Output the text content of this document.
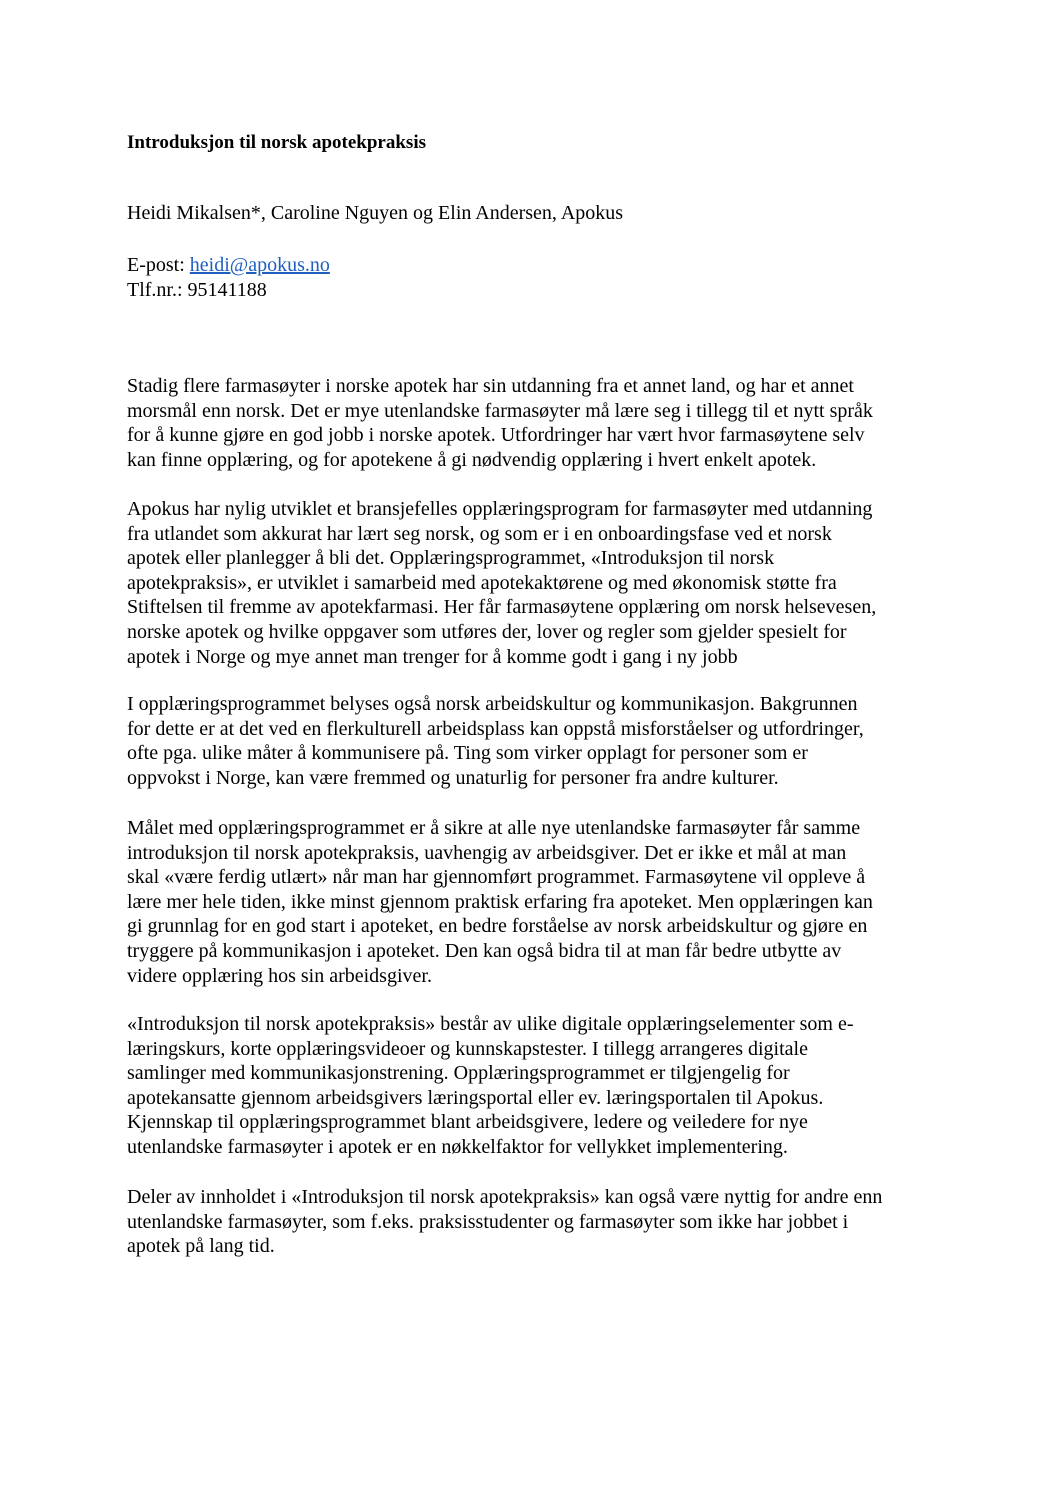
Introduksjon til norsk apotekpraksis
Heidi Mikalsen*, Caroline Nguyen og Elin Andersen, Apokus
E-post: heidi@apokus.no
Tlf.nr.: 95141188
Stadig flere farmasøyter i norske apotek har sin utdanning fra et annet land, og har et annet
morsmål enn norsk. Det er mye utenlandske farmasøyter må lære seg i tillegg til et nytt språk
for å kunne gjøre en god jobb i norske apotek. Utfordringer har vært hvor farmasøytene selv
kan finne opplæring, og for apotekene å gi nødvendig opplæring i hvert enkelt apotek.
Apokus har nylig utviklet et bransjefelles opplæringsprogram for farmasøyter med utdanning
fra utlandet som akkurat har lært seg norsk, og som er i en onboardingsfase ved et norsk
apotek eller planlegger å bli det. Opplæringsprogrammet, «Introduksjon til norsk
apotekpraksis», er utviklet i samarbeid med apotekaktørene og med økonomisk støtte fra
Stiftelsen til fremme av apotekfarmasi. Her får farmasøytene opplæring om norsk helsevesen,
norske apotek og hvilke oppgaver som utføres der, lover og regler som gjelder spesielt for
apotek i Norge og mye annet man trenger for å komme godt i gang i ny jobb
I opplæringsprogrammet belyses også norsk arbeidskultur og kommunikasjon. Bakgrunnen
for dette er at det ved en flerkulturell arbeidsplass kan oppstå misforståelser og utfordringer,
ofte pga. ulike måter å kommunisere på. Ting som virker opplagt for personer som er
oppvokst i Norge, kan være fremmed og unaturlig for personer fra andre kulturer.
Målet med opplæringsprogrammet er å sikre at alle nye utenlandske farmasøyter får samme
introduksjon til norsk apotekpraksis, uavhengig av arbeidsgiver. Det er ikke et mål at man
skal «være ferdig utlært» når man har gjennomført programmet. Farmasøytene vil oppleve å
lære mer hele tiden, ikke minst gjennom praktisk erfaring fra apoteket. Men opplæringen kan
gi grunnlag for en god start i apoteket, en bedre forståelse av norsk arbeidskultur og gjøre en
tryggere på kommunikasjon i apoteket. Den kan også bidra til at man får bedre utbytte av
videre opplæring hos sin arbeidsgiver.
«Introduksjon til norsk apotekpraksis» består av ulike digitale opplæringselementer som e-
læringskurs, korte opplæringsvideoer og kunnskapstester. I tillegg arrangeres digitale
samlinger med kommunikasjonstrening. Opplæringsprogrammet er tilgjengelig for
apotekansatte gjennom arbeidsgivers læringsportal eller ev. læringsportalen til Apokus.
Kjennskap til opplæringsprogrammet blant arbeidsgivere, ledere og veiledere for nye
utenlandske farmasøyter i apotek er en nøkkelfaktor for vellykket implementering.
Deler av innholdet i «Introduksjon til norsk apotekpraksis» kan også være nyttig for andre enn
utenlandske farmasøyter, som f.eks. praksisstudenter og farmasøyter som ikke har jobbet i
apotek på lang tid.
